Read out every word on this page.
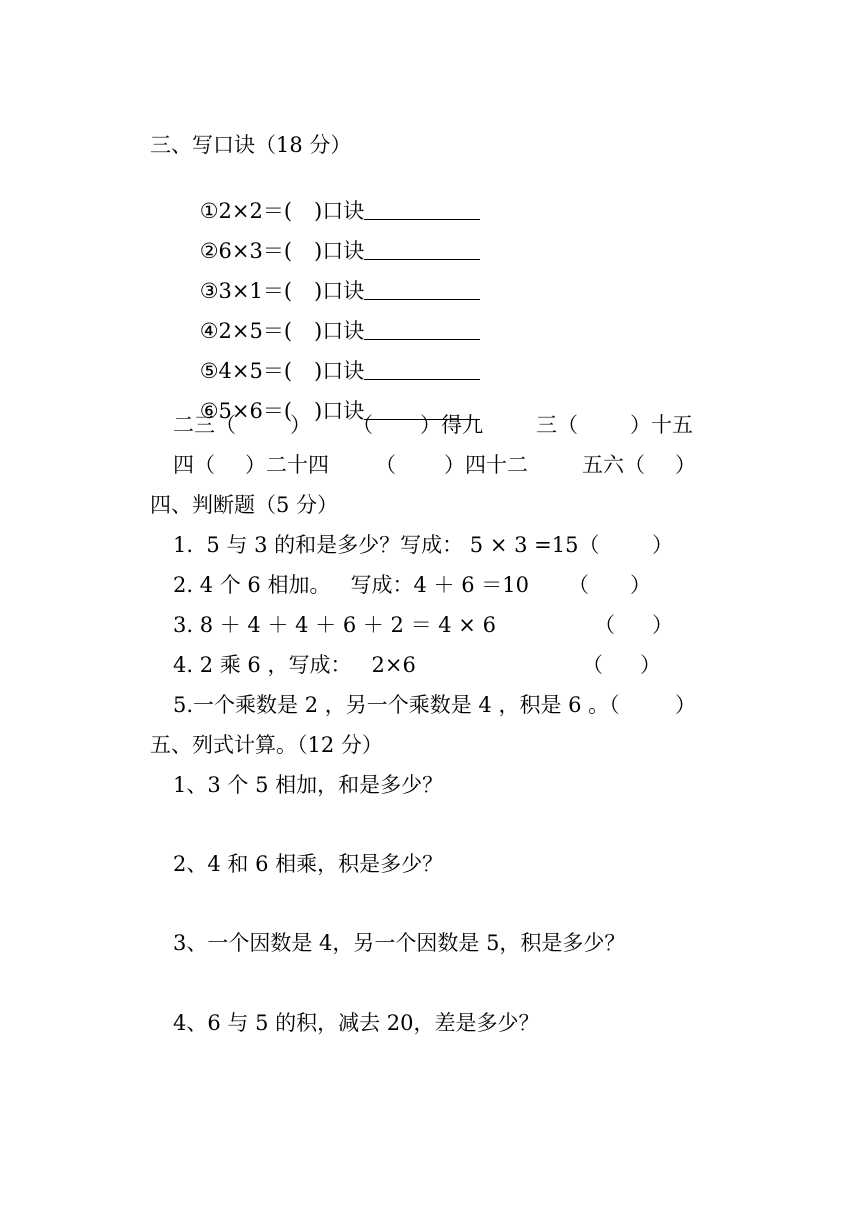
三、写口诀（18 分）

①2×2＝( )口诀

②6×3＝( )口诀

③3×1＝( )口诀

④2×5＝( )口诀

⑤4×5＝( )口诀

⑥5×6＝( )口诀

二三（

	）

（

）得九

	三（

）十五

四（

）二十四

（

）四十二

	五六（

）

四、判断题（5 分）

1.  5 与 3 的和是多少？写成： 5 × 3 =15（

	）

2. 4 个 6 相加。   写成：4 ＋ 6 ＝10

（

）

3. 8 ＋ 4 ＋ 4 ＋ 6 ＋ 2 ＝ 4 × 6

	（

）

4. 2 乘 6 ，写成：   2×6

	（

）

5.一个乘数是 2 ，另一个乘数是 4 ，积是 6 。（

	）

五、列式计算。（12 分）
1、3 个 5 相加，和是多少？
2、4 和 6 相乘，积是多少？
3、一个因数是 4，另一个因数是 5，积是多少？
4、6 与 5 的积，减去 20，差是多少？
